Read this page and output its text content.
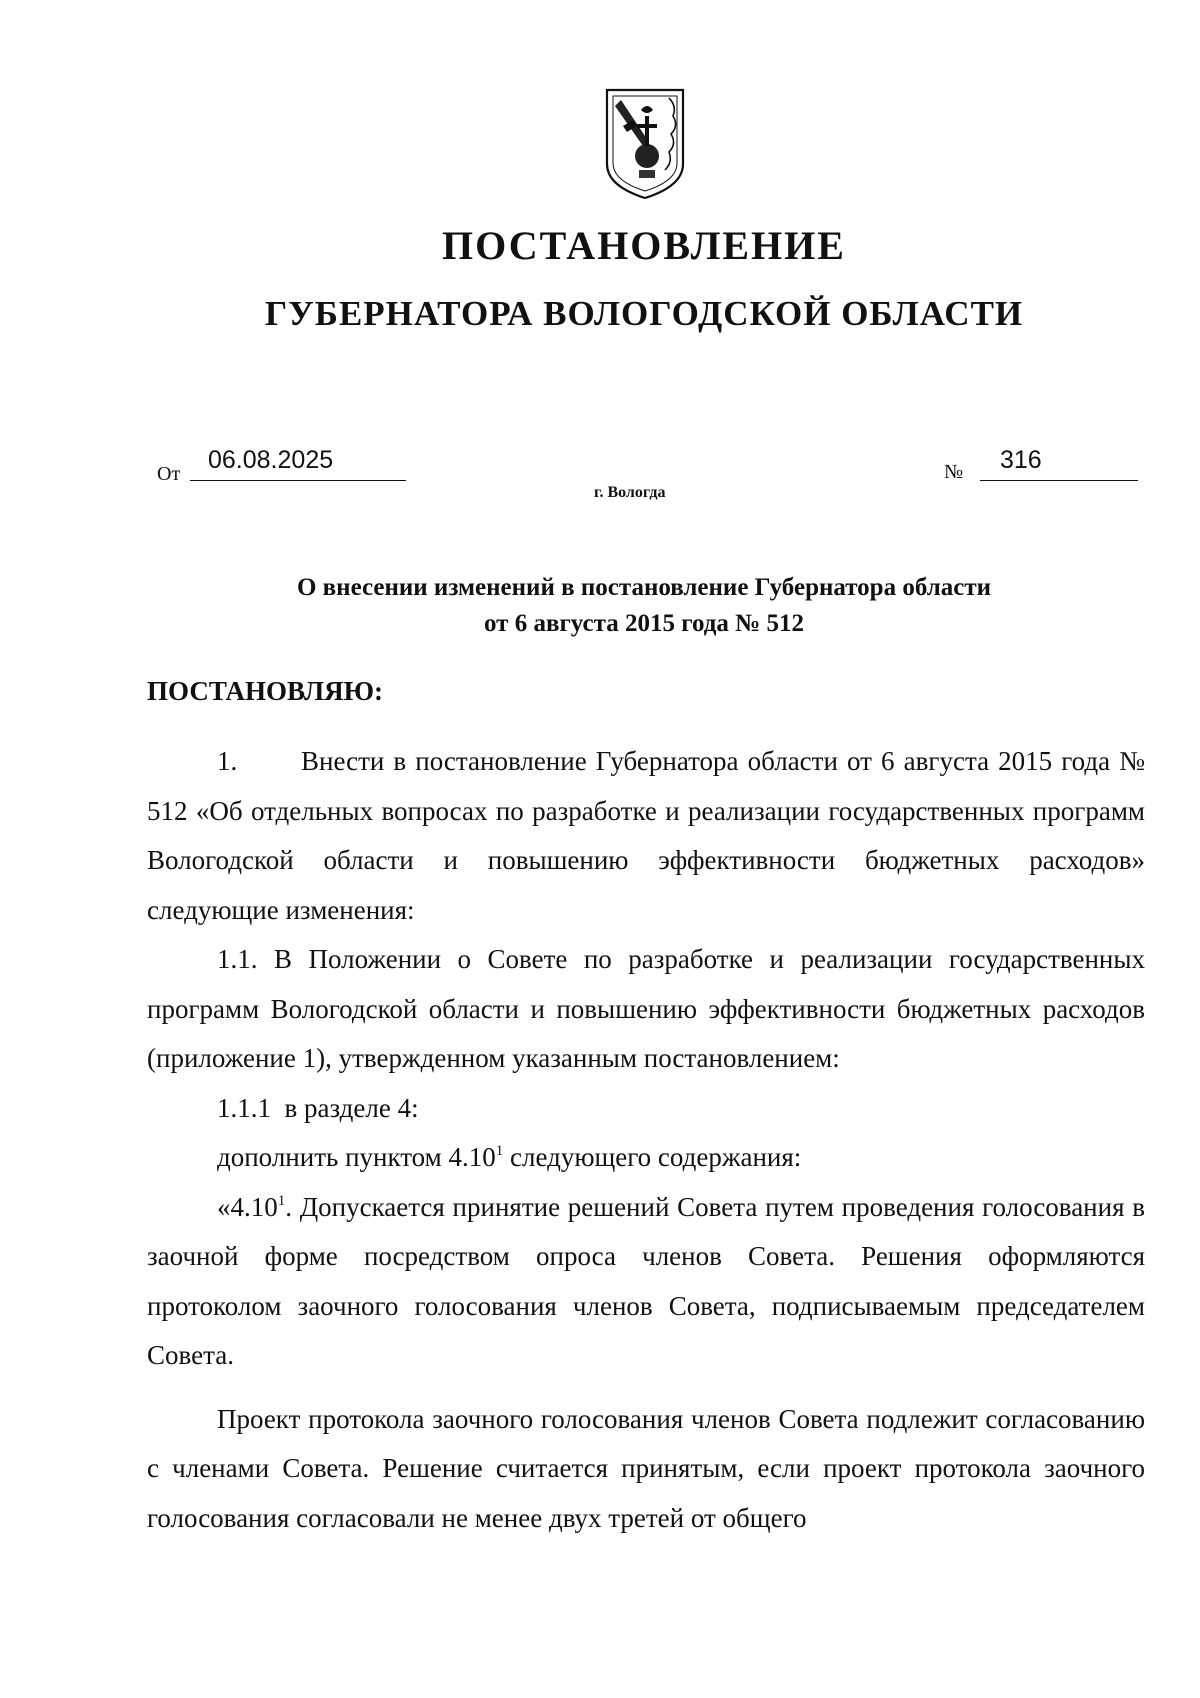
ПОСТАНОВЛЕНИЕ
ГУБЕРНАТОРА ВОЛОГОДСКОЙ ОБЛАСТИ
От 06.08.2025	№ 316
г. Вологда
О внесении изменений в постановление Губернатора области
от 6 августа 2015 года № 512
ПОСТАНОВЛЯЮ:

1.       Внести в постановление Губернатора области от 6 августа 2015 года № 512 «Об отдельных вопросах по разработке и реализации государственных программ Вологодской области и повышению эффективности бюджетных расходов» следующие изменения:

1.1. В Положении о Совете по разработке и реализации государственных программ Вологодской области и повышению эффективности бюджетных расходов (приложение 1), утвержденном указанным постановлением:

1.1.1  в разделе 4:

дополнить пунктом 4.10$^1$ следующего содержания:

«4.10$^1$. Допускается принятие решений Совета путем проведения голосования в заочной форме посредством опроса членов Совета. Решения оформляются протоколом заочного голосования членов Совета, подписываемым председателем Совета.

Проект протокола заочного голосования членов Совета подлежит согласованию с членами Совета. Решение считается принятым, если проект протокола заочного голосования согласовали не менее двух третей от общего
